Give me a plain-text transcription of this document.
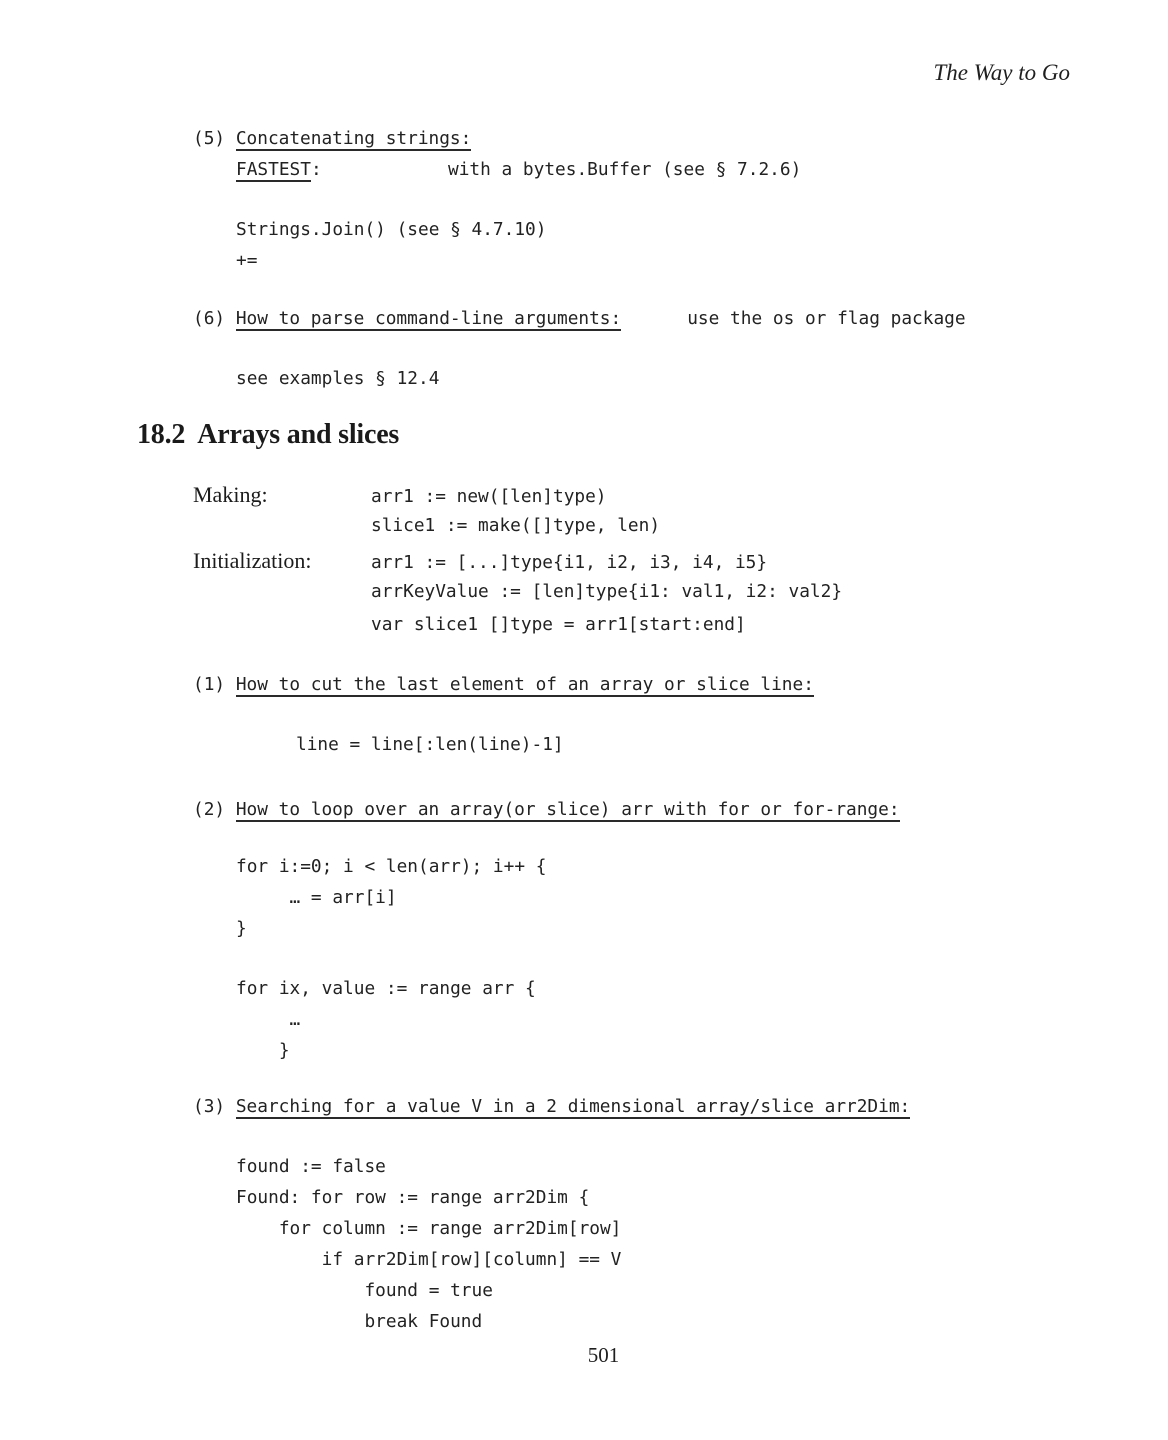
The Way to Go
(5) Concatenating strings:
FASTEST:	with a bytes.Buffer (see § 7.2.6)
Strings.Join() (see § 4.7.10)
+=
(6) How to parse command-line arguments:	use the os or flag package
see examples § 12.4
18.2 Arrays and slices
Making:	arr1 := new([len]type)
slice1 := make([]type, len)
Initialization:	arr1 := [...]type{i1, i2, i3, i4, i5}
arrKeyValue := [len]type{i1: val1, i2: val2}
var slice1 []type = arr1[start:end]
(1) How to cut the last element of an array or slice line:
line = line[:len(line)-1]
(2) How to loop over an array(or slice) arr with for or for-range:
for i:=0; i < len(arr); i++ {
… = arr[i]
}
for ix, value := range arr {
…
}
(3) Searching for a value V in a 2 dimensional array/slice arr2Dim:
found := false
Found: for row := range arr2Dim {
for column := range arr2Dim[row]
if arr2Dim[row][column] == V
found = true
break Found
501
